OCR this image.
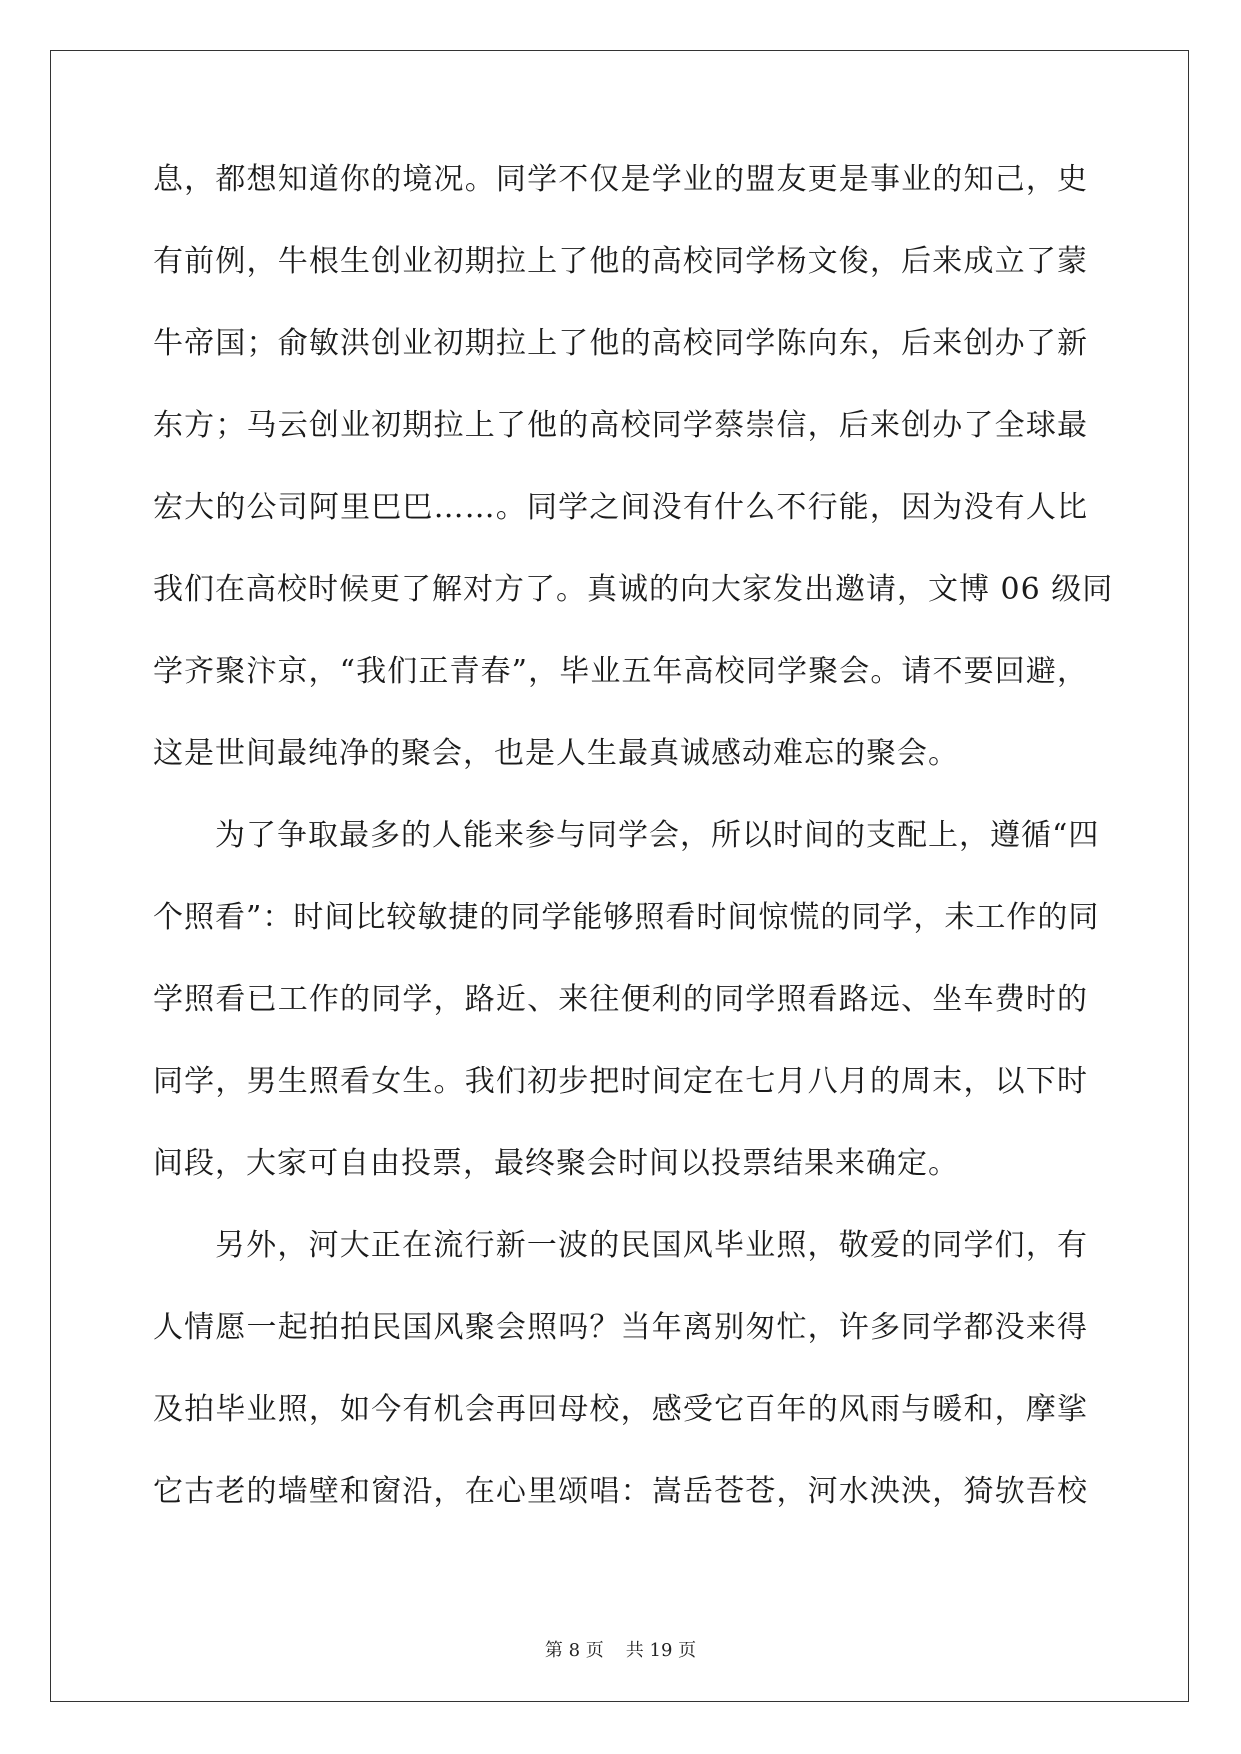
息，都想知道你的境况。同学不仅是学业的盟友更是事业的知己，史
有前例，牛根生创业初期拉上了他的高校同学杨文俊，后来成立了蒙
牛帝国；俞敏洪创业初期拉上了他的高校同学陈向东，后来创办了新
东方；马云创业初期拉上了他的高校同学蔡崇信，后来创办了全球最
宏大的公司阿里巴巴……。同学之间没有什么不行能，因为没有人比
我们在高校时候更了解对方了。真诚的向大家发出邀请，文博 06 级同
学齐聚汴京，“我们正青春”，毕业五年高校同学聚会。请不要回避，
这是世间最纯净的聚会，也是人生最真诚感动难忘的聚会。
为了争取最多的人能来参与同学会，所以时间的支配上，遵循“四
个照看”：时间比较敏捷的同学能够照看时间惊慌的同学，未工作的同
学照看已工作的同学，路近、来往便利的同学照看路远、坐车费时的
同学，男生照看女生。我们初步把时间定在七月八月的周末，以下时
间段，大家可自由投票，最终聚会时间以投票结果来确定。
另外，河大正在流行新一波的民国风毕业照，敬爱的同学们，有
人情愿一起拍拍民国风聚会照吗？当年离别匆忙，许多同学都没来得
及拍毕业照，如今有机会再回母校，感受它百年的风雨与暖和，摩挲
它古老的墙壁和窗沿，在心里颂唱：嵩岳苍苍，河水泱泱，猗欤吾校
第 8 页 共 19 页
